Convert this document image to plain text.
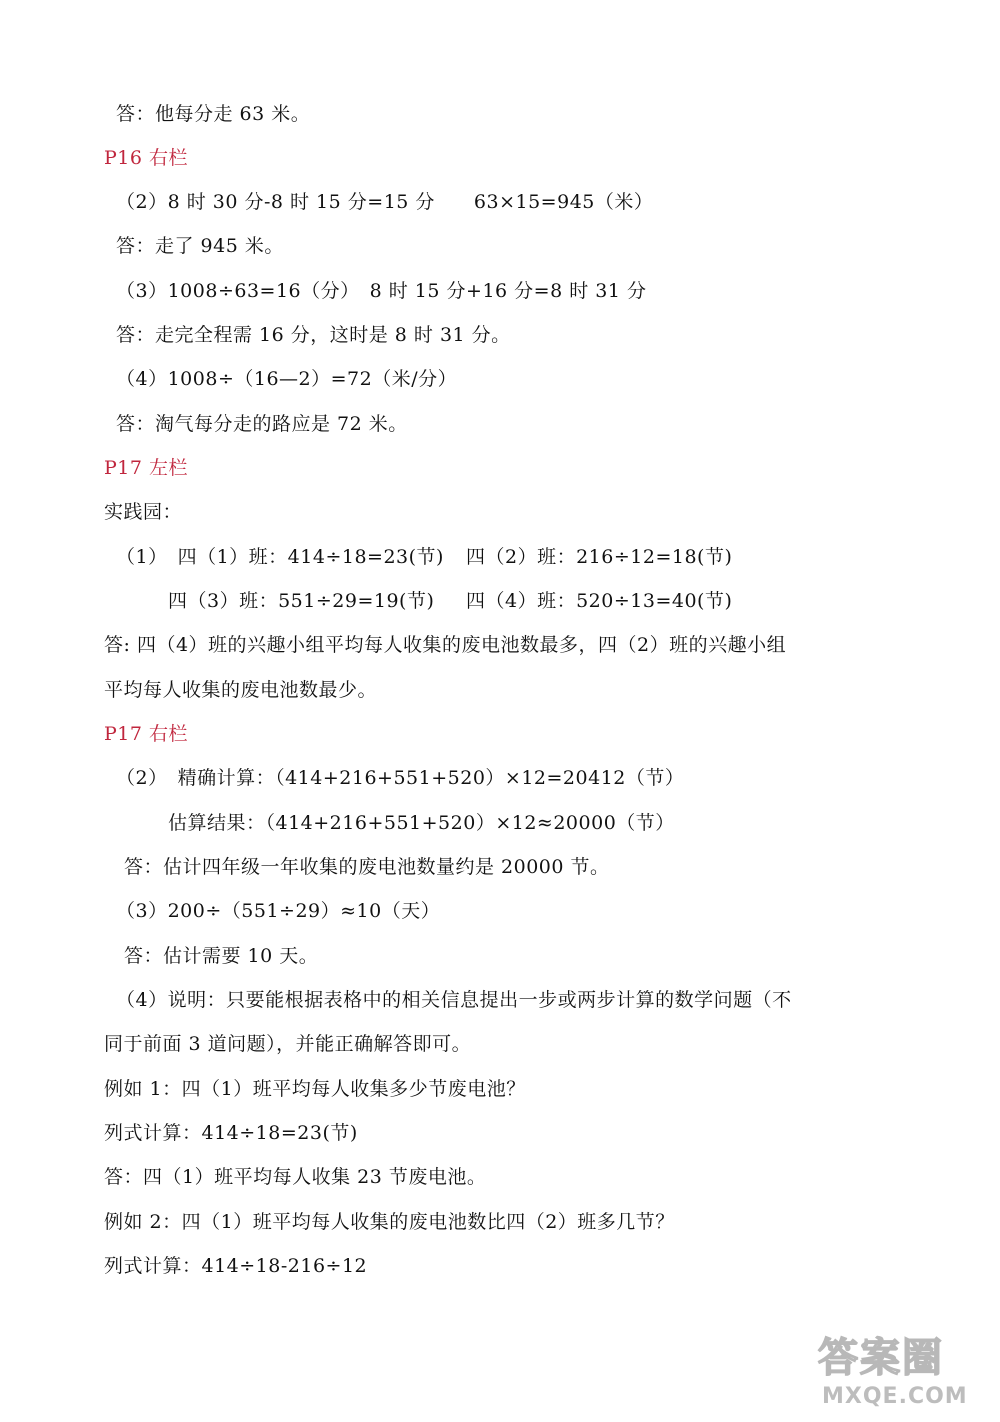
答：他每分走 63 米。
P16 右栏
（2）8 时 30 分-8 时 15 分=15 分　　63×15=945（米）
答：走了 945 米。
（3）1008÷63=16（分）　8 时 15 分+16 分=8 时 31 分
答：走完全程需 16 分，这时是 8 时 31 分。
（4）1008÷（16—2）=72（米/分）
答：淘气每分走的路应是 72 米。
P17 左栏
实践园：
（1）　四（1）班：414÷18=23(节) 四（2）班：216÷12=18(节)
四（3）班：551÷29=19(节) 四（4）班：520÷13=40(节)
答: 四（4）班的兴趣小组平均每人收集的废电池数最多，四（2）班的兴趣小组
平均每人收集的废电池数最少。
P17 右栏
（2）　精确计算：（414+216+551+520）×12=20412（节）
估算结果：（414+216+551+520）×12≈20000（节）
答：估计四年级一年收集的废电池数量约是 20000 节。
（3）200÷（551÷29）≈10（天）
答：估计需要 10 天。
（4）说明：只要能根据表格中的相关信息提出一步或两步计算的数学问题（不
同于前面 3 道问题），并能正确解答即可。
例如 1：四（1）班平均每人收集多少节废电池？
列式计算：414÷18=23(节)
答：四（1）班平均每人收集 23 节废电池。
例如 2：四（1）班平均每人收集的废电池数比四（2）班多几节？
列式计算：414÷18-216÷12
答案圈
MXQE.COM
